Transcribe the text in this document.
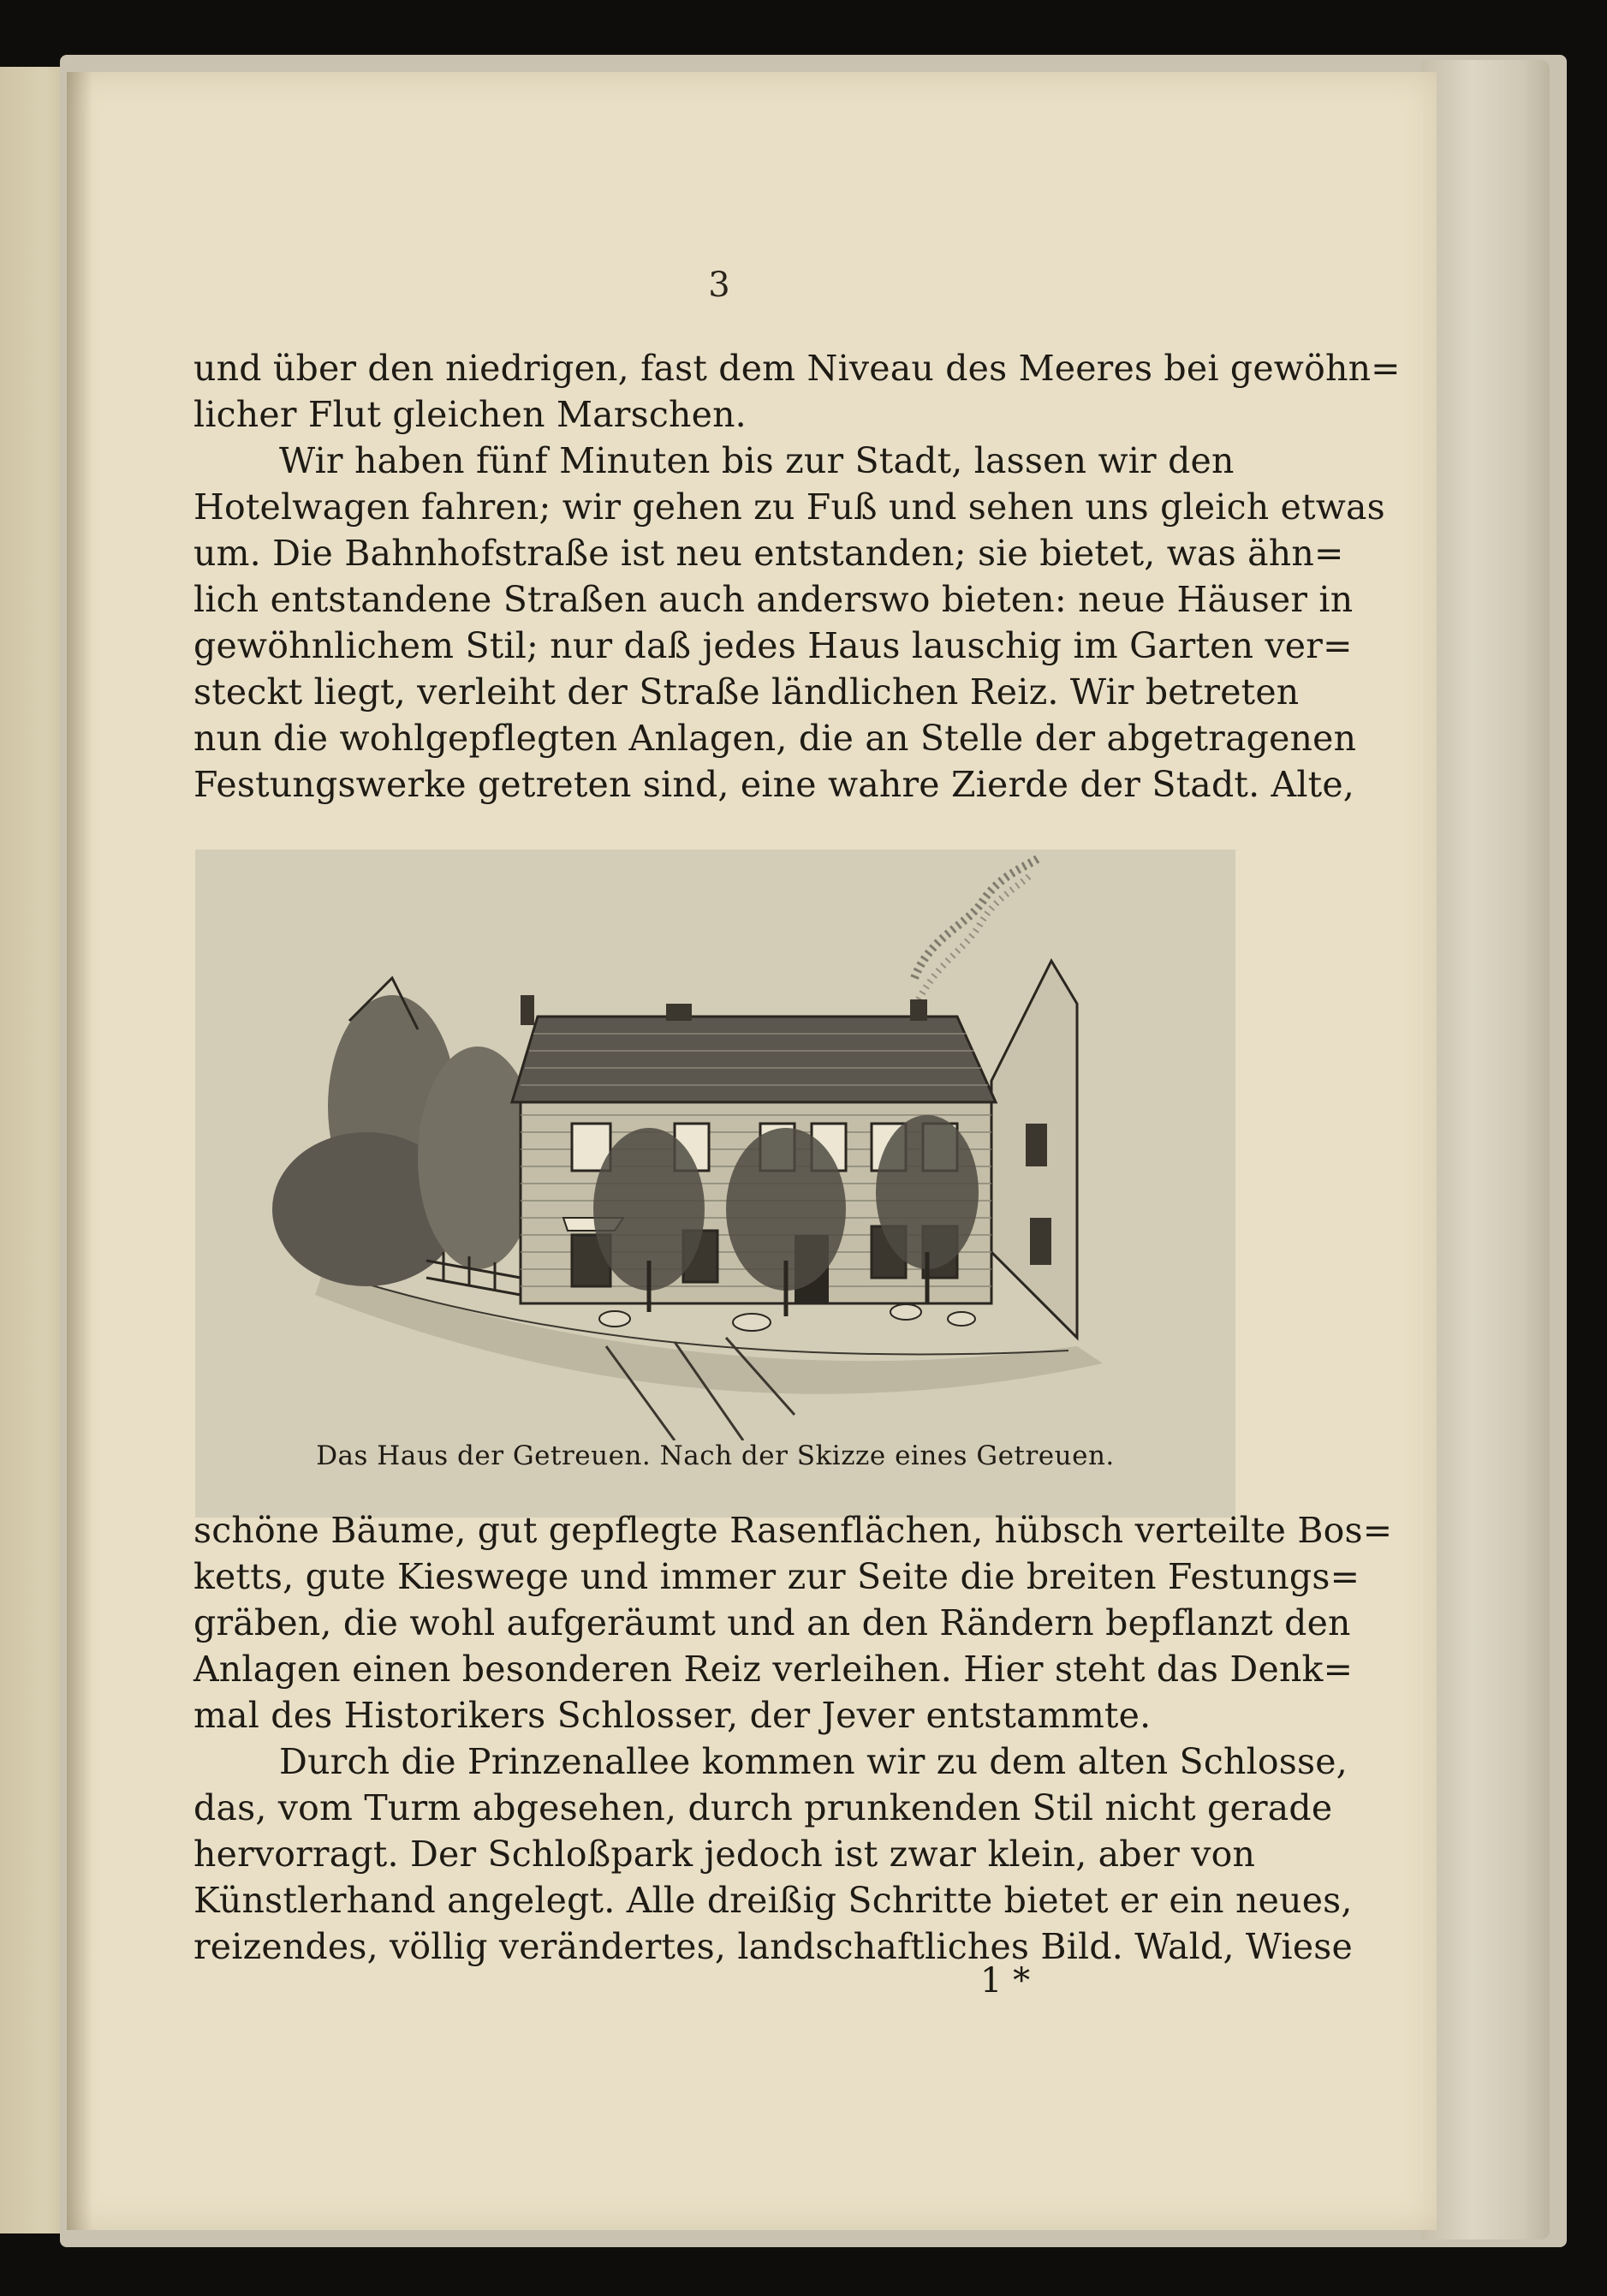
3
und über den niedrigen, fast dem Niveau des Meeres bei gewöhn=
licher Flut gleichen Marschen.
Wir haben fünf Minuten bis zur Stadt, lassen wir den
Hotelwagen fahren; wir gehen zu Fuß und sehen uns gleich etwas
um. Die Bahnhofstraße ist neu entstanden; sie bietet, was ähn=
lich entstandene Straßen auch anderswo bieten: neue Häuser in
gewöhnlichem Stil; nur daß jedes Haus lauschig im Garten ver=
steckt liegt, verleiht der Straße ländlichen Reiz. Wir betreten
nun die wohlgepflegten Anlagen, die an Stelle der abgetragenen
Festungswerke getreten sind, eine wahre Zierde der Stadt. Alte,
Das Haus der Getreuen. Nach der Skizze eines Getreuen.
schöne Bäume, gut gepflegte Rasenflächen, hübsch verteilte Bos=
ketts, gute Kieswege und immer zur Seite die breiten Festungs=
gräben, die wohl aufgeräumt und an den Rändern bepflanzt den
Anlagen einen besonderen Reiz verleihen. Hier steht das Denk=
mal des Historikers Schlosser, der Jever entstammte.
Durch die Prinzenallee kommen wir zu dem alten Schlosse,
das, vom Turm abgesehen, durch prunkenden Stil nicht gerade
hervorragt. Der Schloßpark jedoch ist zwar klein, aber von
Künstlerhand angelegt. Alle dreißig Schritte bietet er ein neues,
reizendes, völlig verändertes, landschaftliches Bild. Wald, Wiese
1 *
